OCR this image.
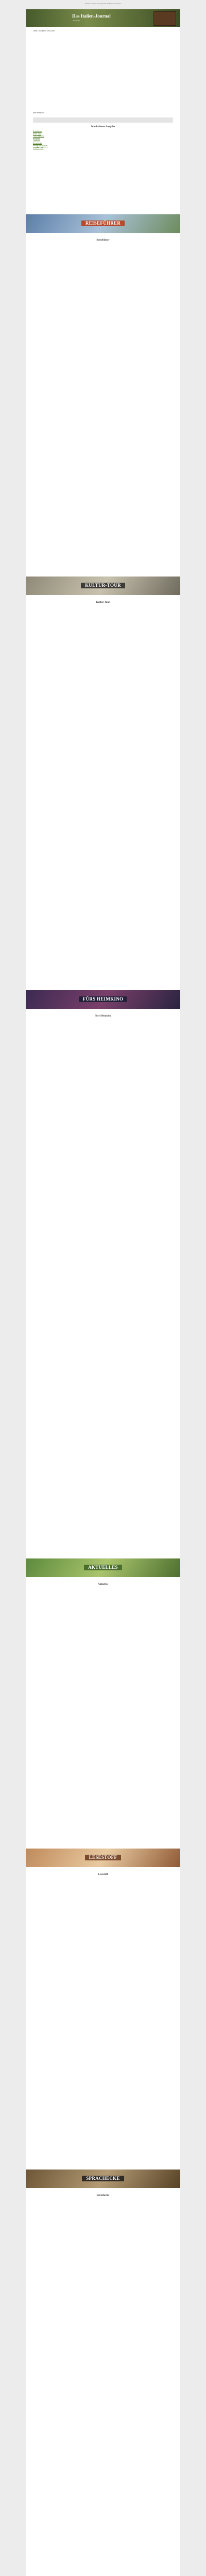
Probleme mit der Anzeige? Hier im Browser ansehen
Das Italien-Journal
Newsletter

Liebe Leserinnen und Leser,

Ihre Redaktion

Inhalt dieser Ausgabe
Reiseführer
Kultur-Tour
Fürs Heimkino
Aktuelles
Lesestoff
Sprachecke
Rezept des Monats
Zu guter Letzt
REISEFÜHRER
Reiseführer
KULTUR-TOUR
Kultur-Tour
FÜRS HEIMKINO
Fürs Heimkino
AKTUELLES
Aktuelles
LESESTOFF
Lesestoff
SPRACHECKE
Sprachecke
